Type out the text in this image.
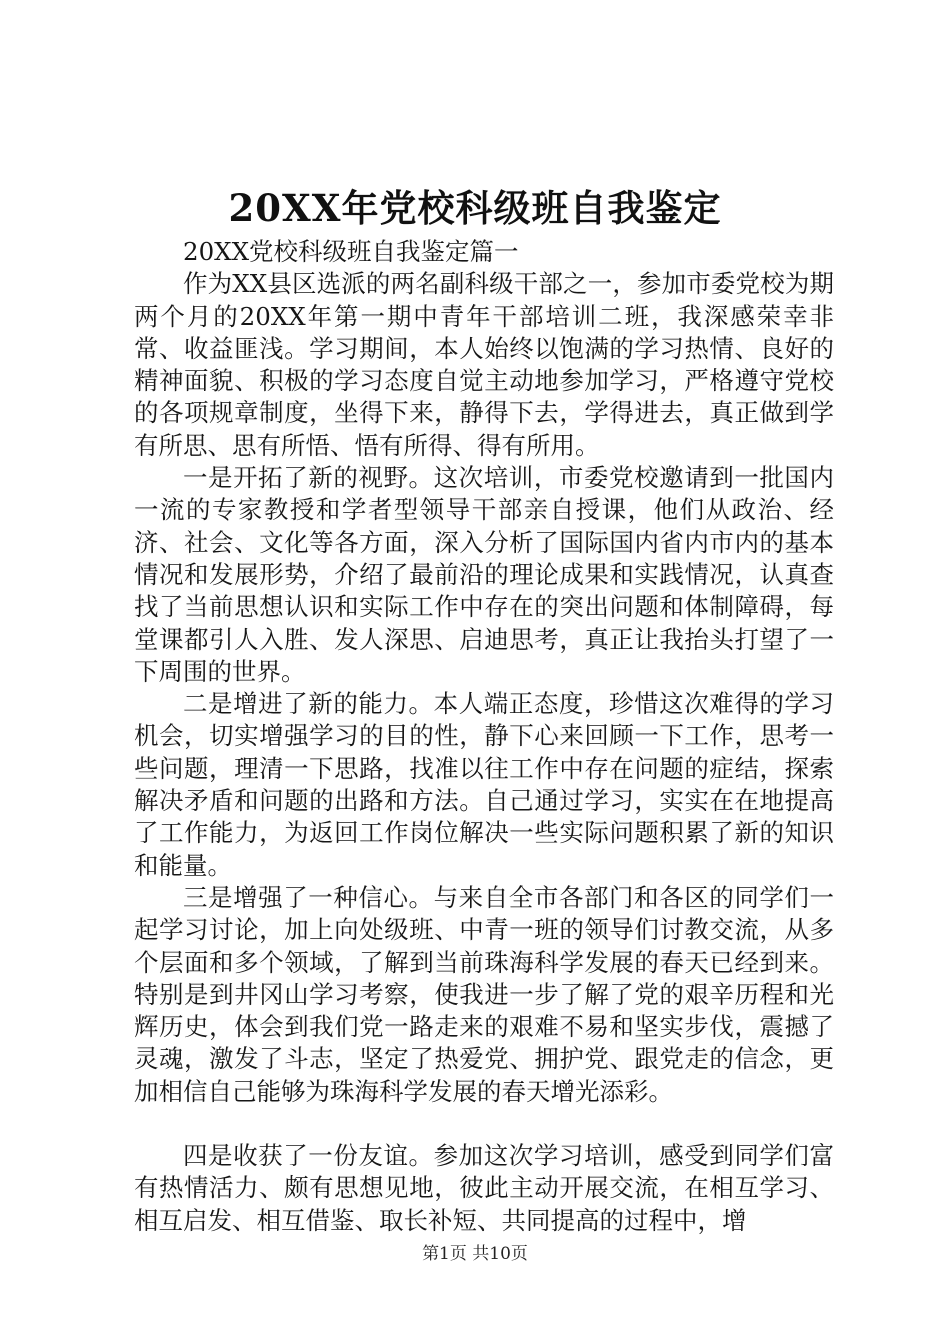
20XX年党校科级班自我鉴定

20XX党校科级班自我鉴定篇一

作为XX县区选派的两名副科级干部之一，参加市委党校为期两个月的20XX年第一期中青年干部培训二班，我深感荣幸非常、收益匪浅。学习期间，本人始终以饱满的学习热情、良好的精神面貌、积极的学习态度自觉主动地参加学习，严格遵守党校的各项规章制度，坐得下来，静得下去，学得进去，真正做到学有所思、思有所悟、悟有所得、得有所用。

一是开拓了新的视野。这次培训，市委党校邀请到一批国内一流的专家教授和学者型领导干部亲自授课，他们从政治、经济、社会、文化等各方面，深入分析了国际国内省内市内的基本情况和发展形势，介绍了最前沿的理论成果和实践情况，认真查找了当前思想认识和实际工作中存在的突出问题和体制障碍，每堂课都引人入胜、发人深思、启迪思考，真正让我抬头打望了一下周围的世界。

二是增进了新的能力。本人端正态度，珍惜这次难得的学习机会，切实增强学习的目的性，静下心来回顾一下工作，思考一些问题，理清一下思路，找准以往工作中存在问题的症结，探索解决矛盾和问题的出路和方法。自己通过学习，实实在在地提高了工作能力，为返回工作岗位解决一些实际问题积累了新的知识和能量。

三是增强了一种信心。与来自全市各部门和各区的同学们一起学习讨论，加上向处级班、中青一班的领导们讨教交流，从多个层面和多个领域，了解到当前珠海科学发展的春天已经到来。特别是到井冈山学习考察，使我进一步了解了党的艰辛历程和光辉历史，体会到我们党一路走来的艰难不易和坚实步伐，震撼了灵魂，激发了斗志，坚定了热爱党、拥护党、跟党走的信念，更加相信自己能够为珠海科学发展的春天增光添彩。

四是收获了一份友谊。参加这次学习培训，感受到同学们富有热情活力、颇有思想见地，彼此主动开展交流，在相互学习、相互启发、相互借鉴、取长补短、共同提高的过程中，增

第1页 共10页
